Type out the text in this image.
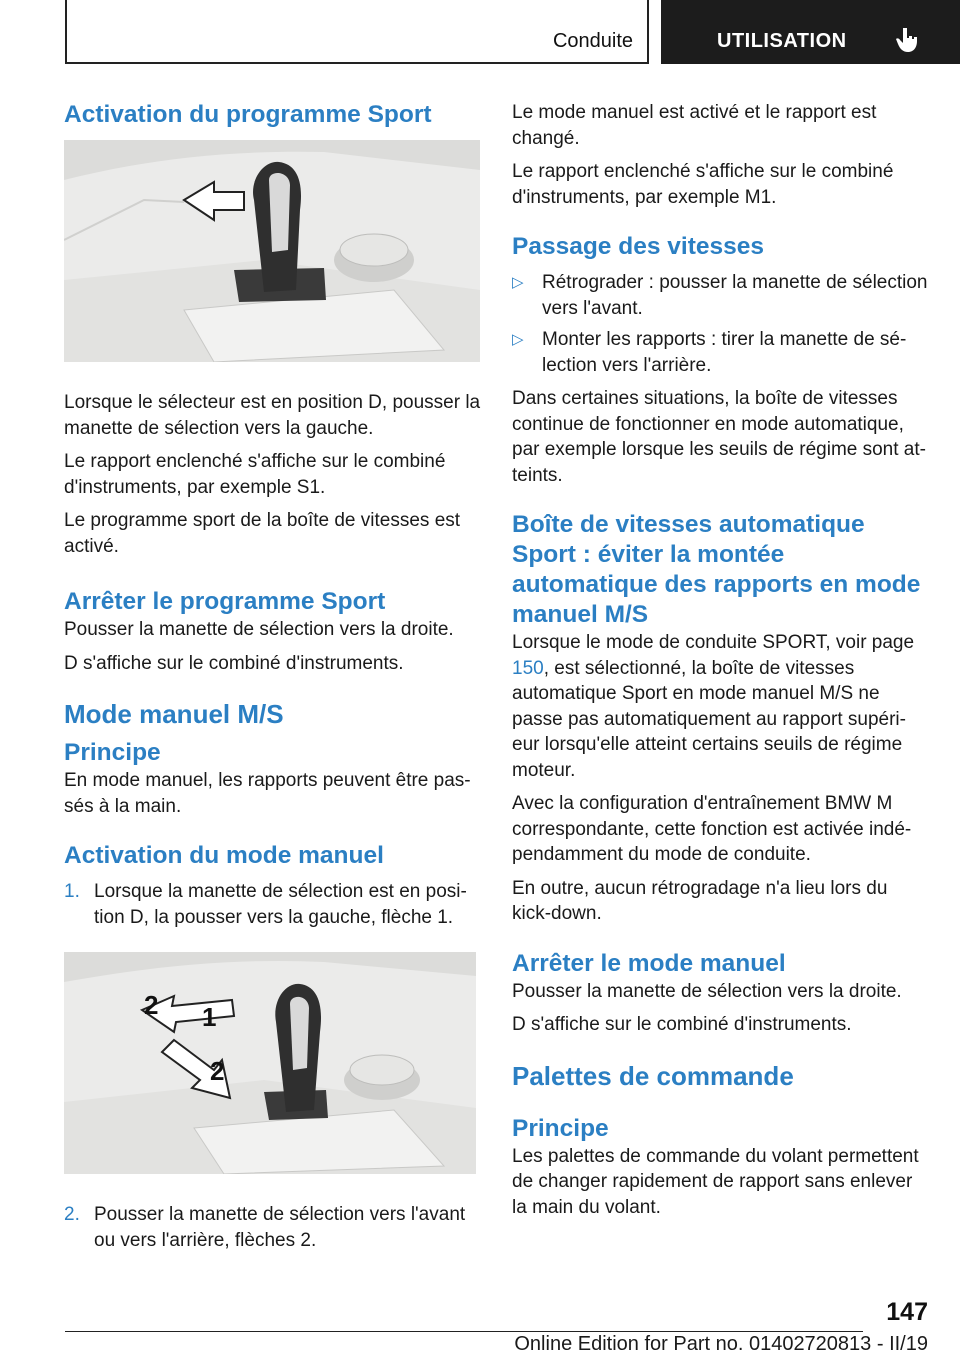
Conduite	UTILISATION
Activation du programme Sport

Lorsque le sélecteur est en position D, pousser la manette de sélection vers la gauche.

Le rapport enclenché s'affiche sur le combiné d'instruments, par exemple S1.

Le programme sport de la boîte de vitesses est activé.

Arrêter le programme Sport

Pousser la manette de sélection vers la droite.

D s'affiche sur le combiné d'instruments.

Mode manuel M/S
Principe

En mode manuel, les rapports peuvent être pas-sés à la main.

Activation du mode manuel
1. Lorsque la manette de sélection est en posi-tion D, la pousser vers la gauche, flèche 1.
1
2
2
2. Pousser la manette de sélection vers l'avant ou vers l'arrière, flèches 2.

Le mode manuel est activé et le rapport est changé.

Le rapport enclenché s'affiche sur le combiné d'instruments, par exemple M1.

Passage des vitesses
▷ Rétrograder : pousser la manette de sélection vers l'avant.
▷ Monter les rapports : tirer la manette de sé-lection vers l'arrière.

Dans certaines situations, la boîte de vitesses continue de fonctionner en mode automatique, par exemple lorsque les seuils de régime sont at-teints.

Boîte de vitesses automatique Sport : éviter la montée automatique des rapports en mode manuel M/S

Lorsque le mode de conduite SPORT, voir page 150, est sélectionné, la boîte de vitesses automatique Sport en mode manuel M/S ne passe pas automatiquement au rapport supéri-eur lorsqu'elle atteint certains seuils de régime moteur.

Avec la configuration d'entraînement BMW M correspondante, cette fonction est activée indé-pendamment du mode de conduite.

En outre, aucun rétrogradage n'a lieu lors du kick-down.

Arrêter le mode manuel

Pousser la manette de sélection vers la droite.

D s'affiche sur le combiné d'instruments.

Palettes de commande
Principe

Les palettes de commande du volant permettent de changer rapidement de rapport sans enlever la main du volant.

147
Online Edition for Part no. 01402720813 - II/19
